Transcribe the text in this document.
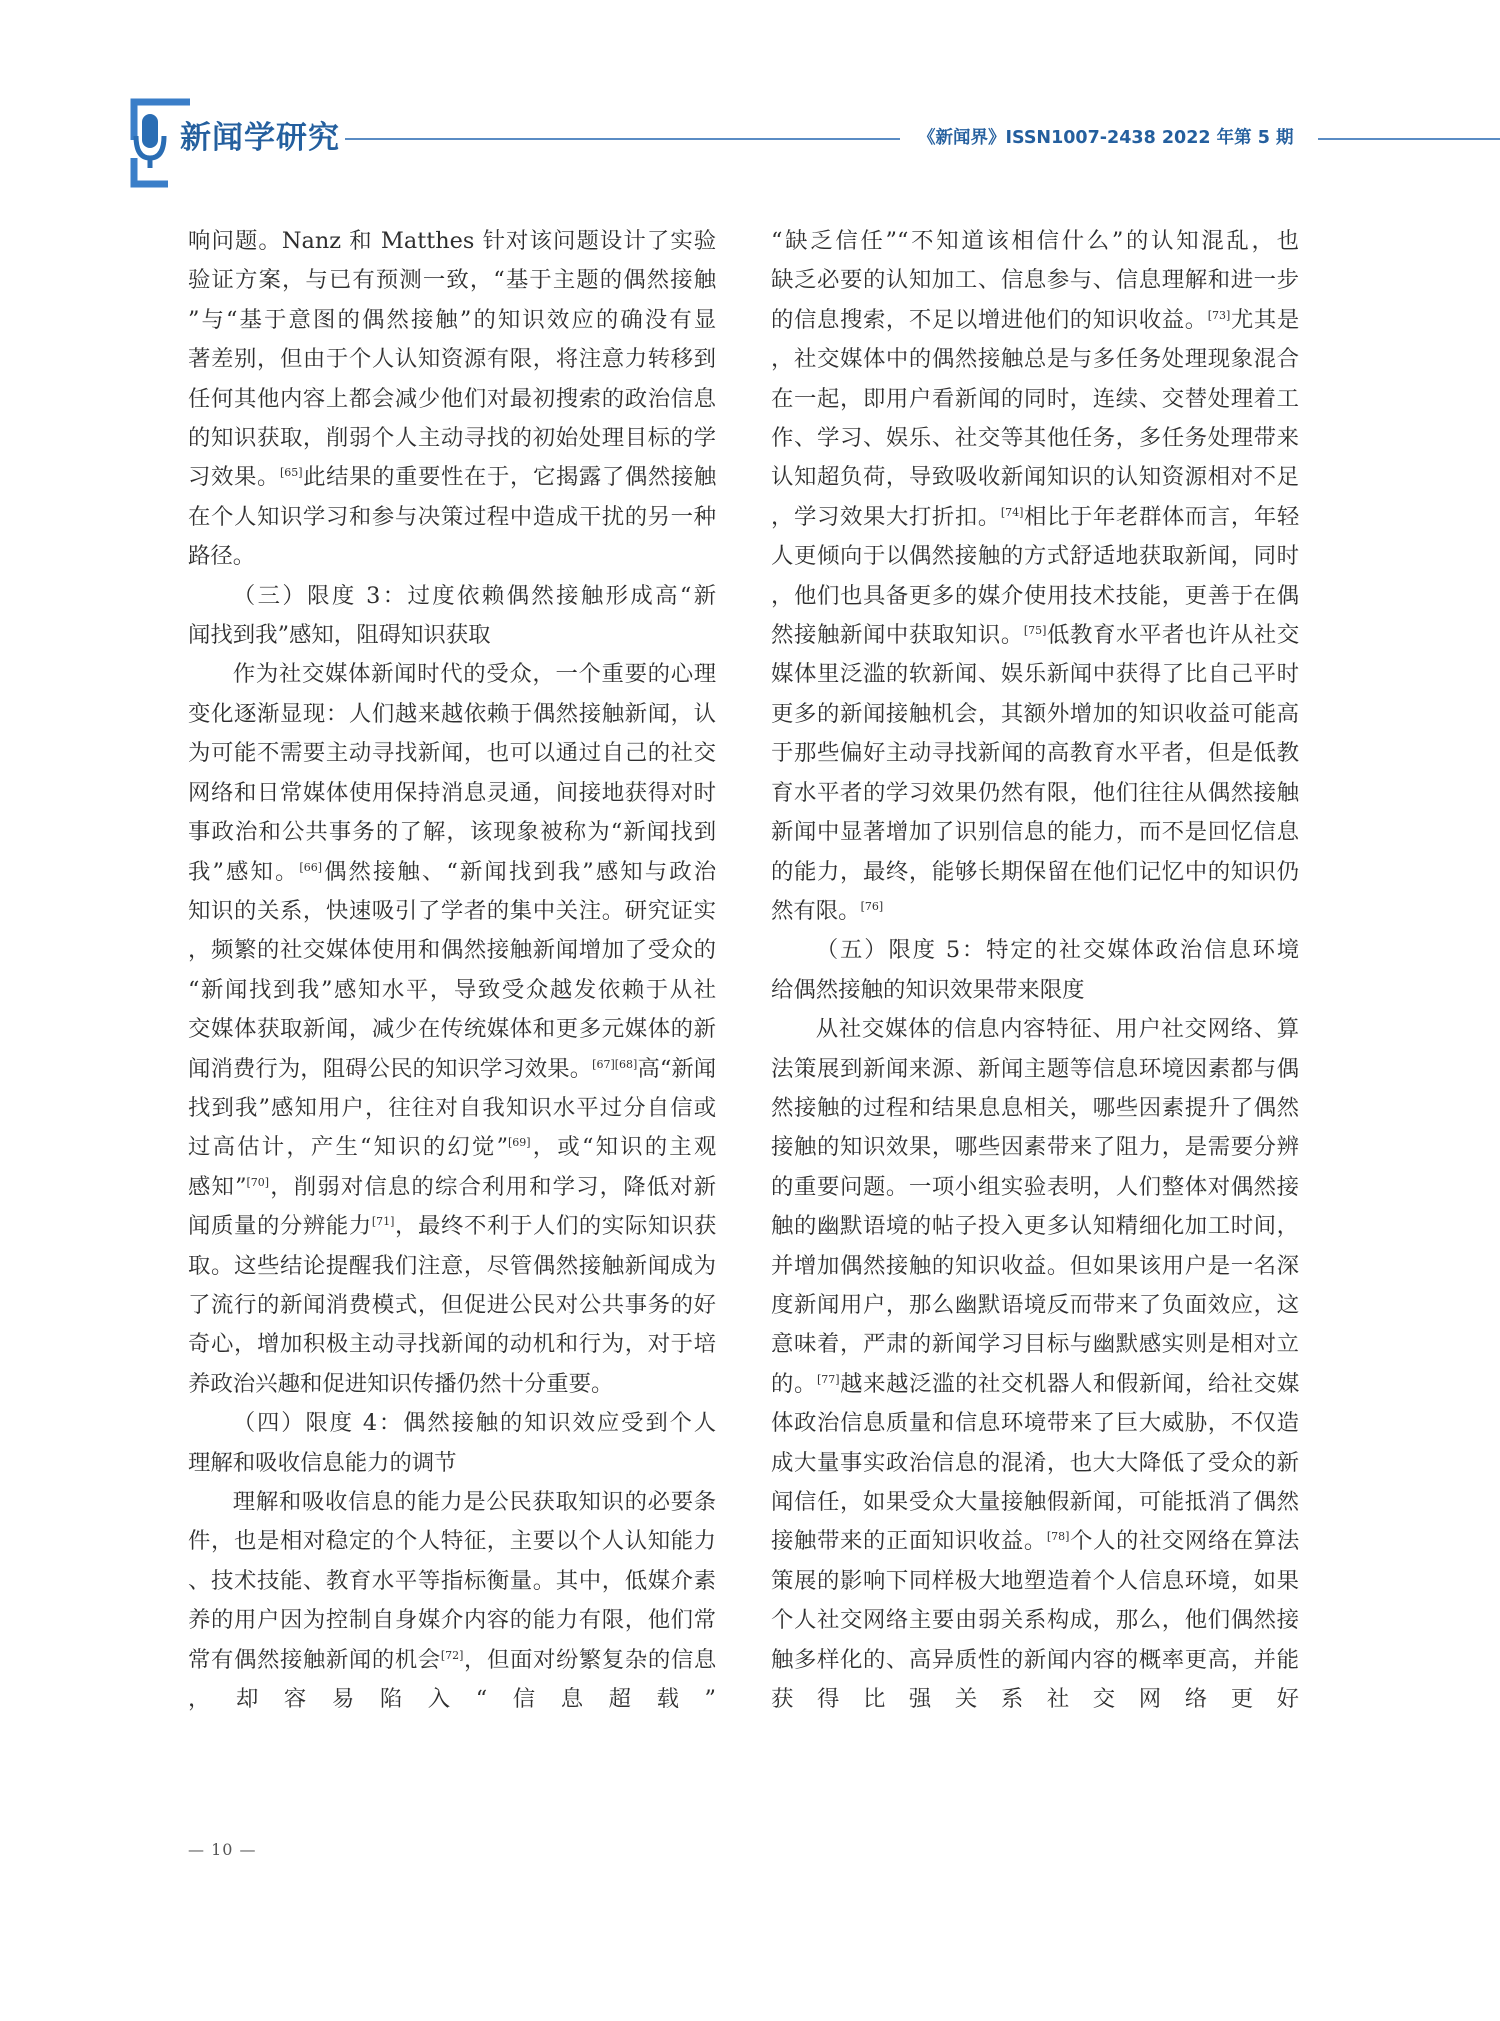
新闻学研究	《新闻界》ISSN1007-2438 2022 年第 5 期

响问题。Nanz 和 Matthes 针对该问题设计了实验
验证方案，与已有预测一致，“基于主题的偶然接触
”与“基于意图的偶然接触”的知识效应的确没有显
著差别，但由于个人认知资源有限，将注意力转移到
任何其他内容上都会减少他们对最初搜索的政治信息
的知识获取，削弱个人主动寻找的初始处理目标的学
习效果。[65]此结果的重要性在于，它揭露了偶然接触
在个人知识学习和参与决策过程中造成干扰的另一种
路径。

（三）限度 3：过度依赖偶然接触形成高“新
闻找到我”感知，阻碍知识获取

作为社交媒体新闻时代的受众，一个重要的心理
变化逐渐显现：人们越来越依赖于偶然接触新闻，认
为可能不需要主动寻找新闻，也可以通过自己的社交
网络和日常媒体使用保持消息灵通，间接地获得对时
事政治和公共事务的了解，该现象被称为“新闻找到
我”感知。[66]偶然接触、“新闻找到我”感知与政治
知识的关系，快速吸引了学者的集中关注。研究证实
，频繁的社交媒体使用和偶然接触新闻增加了受众的
“新闻找到我”感知水平，导致受众越发依赖于从社
交媒体获取新闻，减少在传统媒体和更多元媒体的新
闻消费行为，阻碍公民的知识学习效果。[67][68]高“新闻
找到我”感知用户，往往对自我知识水平过分自信或
过高估计，产生“知识的幻觉”[69]，或“知识的主观
感知”[70]，削弱对信息的综合利用和学习，降低对新
闻质量的分辨能力[71]，最终不利于人们的实际知识获
取。这些结论提醒我们注意，尽管偶然接触新闻成为
了流行的新闻消费模式，但促进公民对公共事务的好
奇心，增加积极主动寻找新闻的动机和行为，对于培
养政治兴趣和促进知识传播仍然十分重要。

（四）限度 4：偶然接触的知识效应受到个人
理解和吸收信息能力的调节

理解和吸收信息的能力是公民获取知识的必要条
件，也是相对稳定的个人特征，主要以个人认知能力
、技术技能、教育水平等指标衡量。其中，低媒介素
养的用户因为控制自身媒介内容的能力有限，他们常
常有偶然接触新闻的机会[72]，但面对纷繁复杂的信息
，却容易陷入“信息超载”

“缺乏信任”“不知道该相信什么”的认知混乱，也
缺乏必要的认知加工、信息参与、信息理解和进一步
的信息搜索，不足以增进他们的知识收益。[73]尤其是
，社交媒体中的偶然接触总是与多任务处理现象混合
在一起，即用户看新闻的同时，连续、交替处理着工
作、学习、娱乐、社交等其他任务，多任务处理带来
认知超负荷，导致吸收新闻知识的认知资源相对不足
，学习效果大打折扣。[74]相比于年老群体而言，年轻
人更倾向于以偶然接触的方式舒适地获取新闻，同时
，他们也具备更多的媒介使用技术技能，更善于在偶
然接触新闻中获取知识。[75]低教育水平者也许从社交
媒体里泛滥的软新闻、娱乐新闻中获得了比自己平时
更多的新闻接触机会，其额外增加的知识收益可能高
于那些偏好主动寻找新闻的高教育水平者，但是低教
育水平者的学习效果仍然有限，他们往往从偶然接触
新闻中显著增加了识别信息的能力，而不是回忆信息
的能力，最终，能够长期保留在他们记忆中的知识仍
然有限。[76]

（五）限度 5：特定的社交媒体政治信息环境
给偶然接触的知识效果带来限度

从社交媒体的信息内容特征、用户社交网络、算
法策展到新闻来源、新闻主题等信息环境因素都与偶
然接触的过程和结果息息相关，哪些因素提升了偶然
接触的知识效果，哪些因素带来了阻力，是需要分辨
的重要问题。一项小组实验表明，人们整体对偶然接
触的幽默语境的帖子投入更多认知精细化加工时间，
并增加偶然接触的知识收益。但如果该用户是一名深
度新闻用户，那么幽默语境反而带来了负面效应，这
意味着，严肃的新闻学习目标与幽默感实则是相对立
的。[77]越来越泛滥的社交机器人和假新闻，给社交媒
体政治信息质量和信息环境带来了巨大威胁，不仅造
成大量事实政治信息的混淆，也大大降低了受众的新
闻信任，如果受众大量接触假新闻，可能抵消了偶然
接触带来的正面知识收益。[78]个人的社交网络在算法
策展的影响下同样极大地塑造着个人信息环境，如果
个人社交网络主要由弱关系构成，那么，他们偶然接
触多样化的、高异质性的新闻内容的概率更高，并能
获得比强关系社交网络更好

— 10 —
